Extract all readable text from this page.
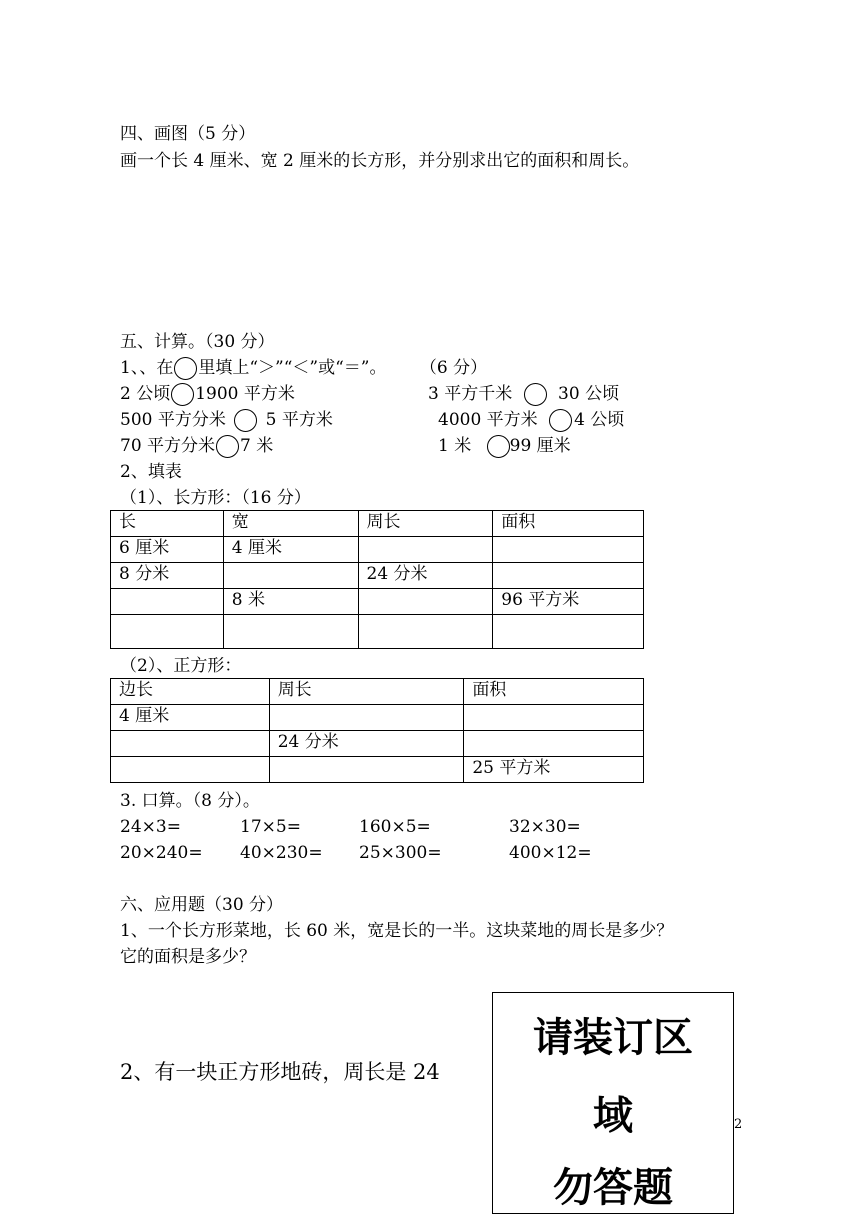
四、画图（5 分）
画一个长 4 厘米、宽 2 厘米的长方形，并分别求出它的面积和周长。
五、计算。（30 分）
1、、在 里填上“＞”“＜”或“＝”。 （6 分）
2 公顷 1900 平方米	3 平方千米	30 公顷
500 平方分米 5 平方米	4000 平方米 4 公顷
70 平方分米 7 米	1 米 99 厘米
2、填表
（1）、长方形：（16 分）
长	宽	周长	面积
6 厘米	4 厘米		
8 分米		24 分米	
	8 米		96 平方米

（2）、正方形：
边长	周长	面积
4 厘米		
	24 分米	
		25 平方米
3. 口算。（8 分）。
24×3=	17×5=	160×5=	32×30=
20×240= 40×230= 25×300=	400×12=
六、应用题（30 分）
1、一个长方形菜地，长 60 米，宽是长的一半。这块菜地的周长是多少？
它的面积是多少？
2、有一块正方形地砖，周长是 24
请装订区
域
勿答题
2
